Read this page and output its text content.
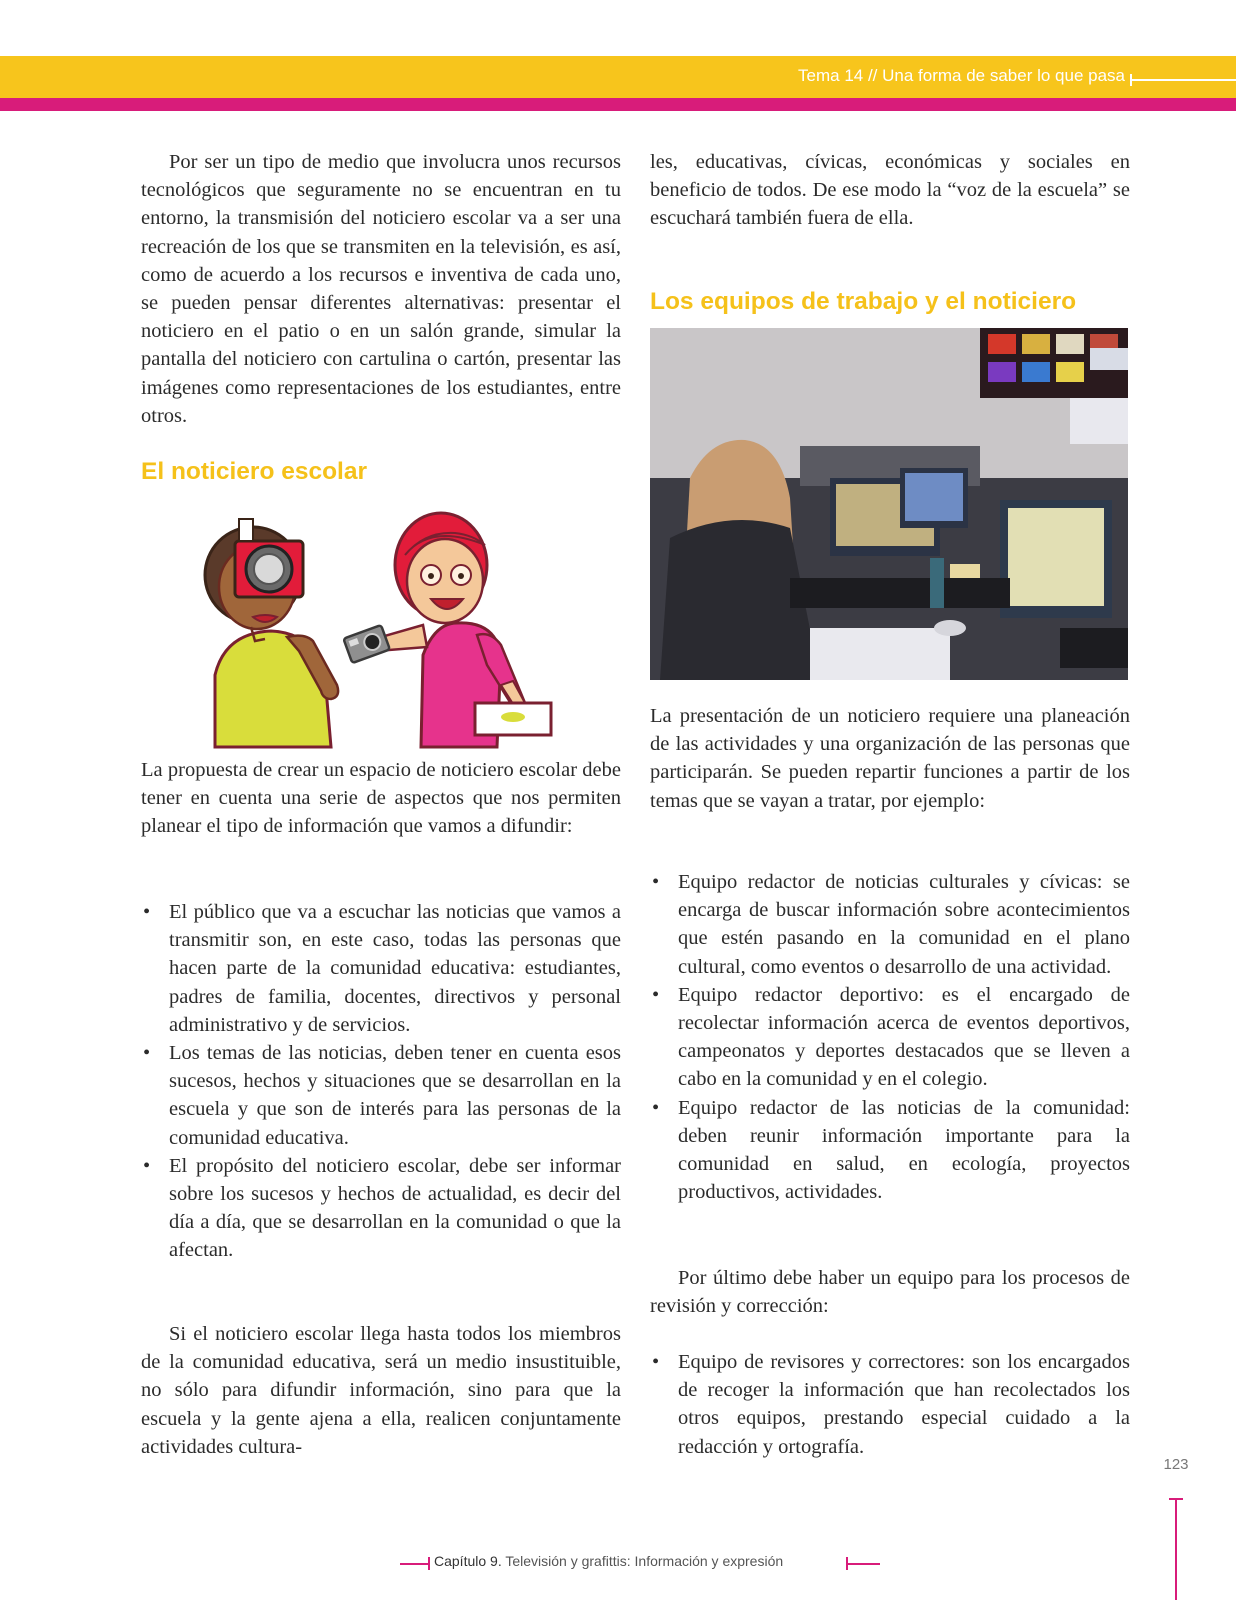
Tema 14 // Una forma de saber lo que pasa

Por ser un tipo de medio que involucra unos recursos tecnológicos que seguramente no se encuentran en tu entorno, la transmisión del noticiero escolar va a ser una recreación de los que se transmiten en la televisión, es así, como de acuerdo a los recursos e inventiva de cada uno, se pueden pensar diferentes alternativas: presentar el noticiero en el patio o en un salón grande, simular la pantalla del noticiero con cartulina o cartón, presentar las imágenes como representaciones de los estudiantes, entre otros.

El noticiero escolar

La propuesta de crear un espacio de noticiero escolar debe tener en cuenta una serie de aspectos que nos permiten planear el tipo de información que vamos a difundir:

• El público que va a escuchar las noticias que vamos a transmitir son, en este caso, todas las personas que hacen parte de la comunidad educativa: estudiantes, padres de familia, docentes, directivos y personal administrativo y de servicios.
• Los temas de las noticias, deben tener en cuenta esos sucesos, hechos y situaciones que se desarrollan en la escuela y que son de interés para las personas de la comunidad educativa.
• El propósito del noticiero escolar, debe ser informar sobre los sucesos y hechos de actualidad, es decir del día a día, que se desarrollan en la comunidad o que la afectan.

Si el noticiero escolar llega hasta todos los miembros de la comunidad educativa, será un medio insustituible, no sólo para difundir información, sino para que la escuela y la gente ajena a ella, realicen conjuntamente actividades cultura-

les, educativas, cívicas, económicas y sociales en beneficio de todos. De ese modo la “voz de la escuela” se escuchará también fuera de ella.

Los equipos de trabajo y el noticiero

La presentación de un noticiero requiere una planeación de las actividades y una organización de las personas que participarán. Se pueden repartir funciones a partir de los temas que se vayan a tratar, por ejemplo:

• Equipo redactor de noticias culturales y cívicas: se encarga de buscar información sobre acontecimientos que estén pasando en la comunidad en el plano cultural, como eventos o desarrollo de una actividad.
• Equipo redactor deportivo: es el encargado de recolectar información acerca de eventos deportivos, campeonatos y deportes destacados que se lleven a cabo en la comunidad y en el colegio.
• Equipo redactor de las noticias de la comunidad: deben reunir información importante para la comunidad en salud, en ecología, proyectos productivos, actividades.

Por último debe haber un equipo para los procesos de revisión y corrección:

• Equipo de revisores y correctores: son los encargados de recoger la información que han recolectados los otros equipos, prestando especial cuidado a la redacción y ortografía.
123
Capítulo 9. Televisión y grafittis: Información y expresión
